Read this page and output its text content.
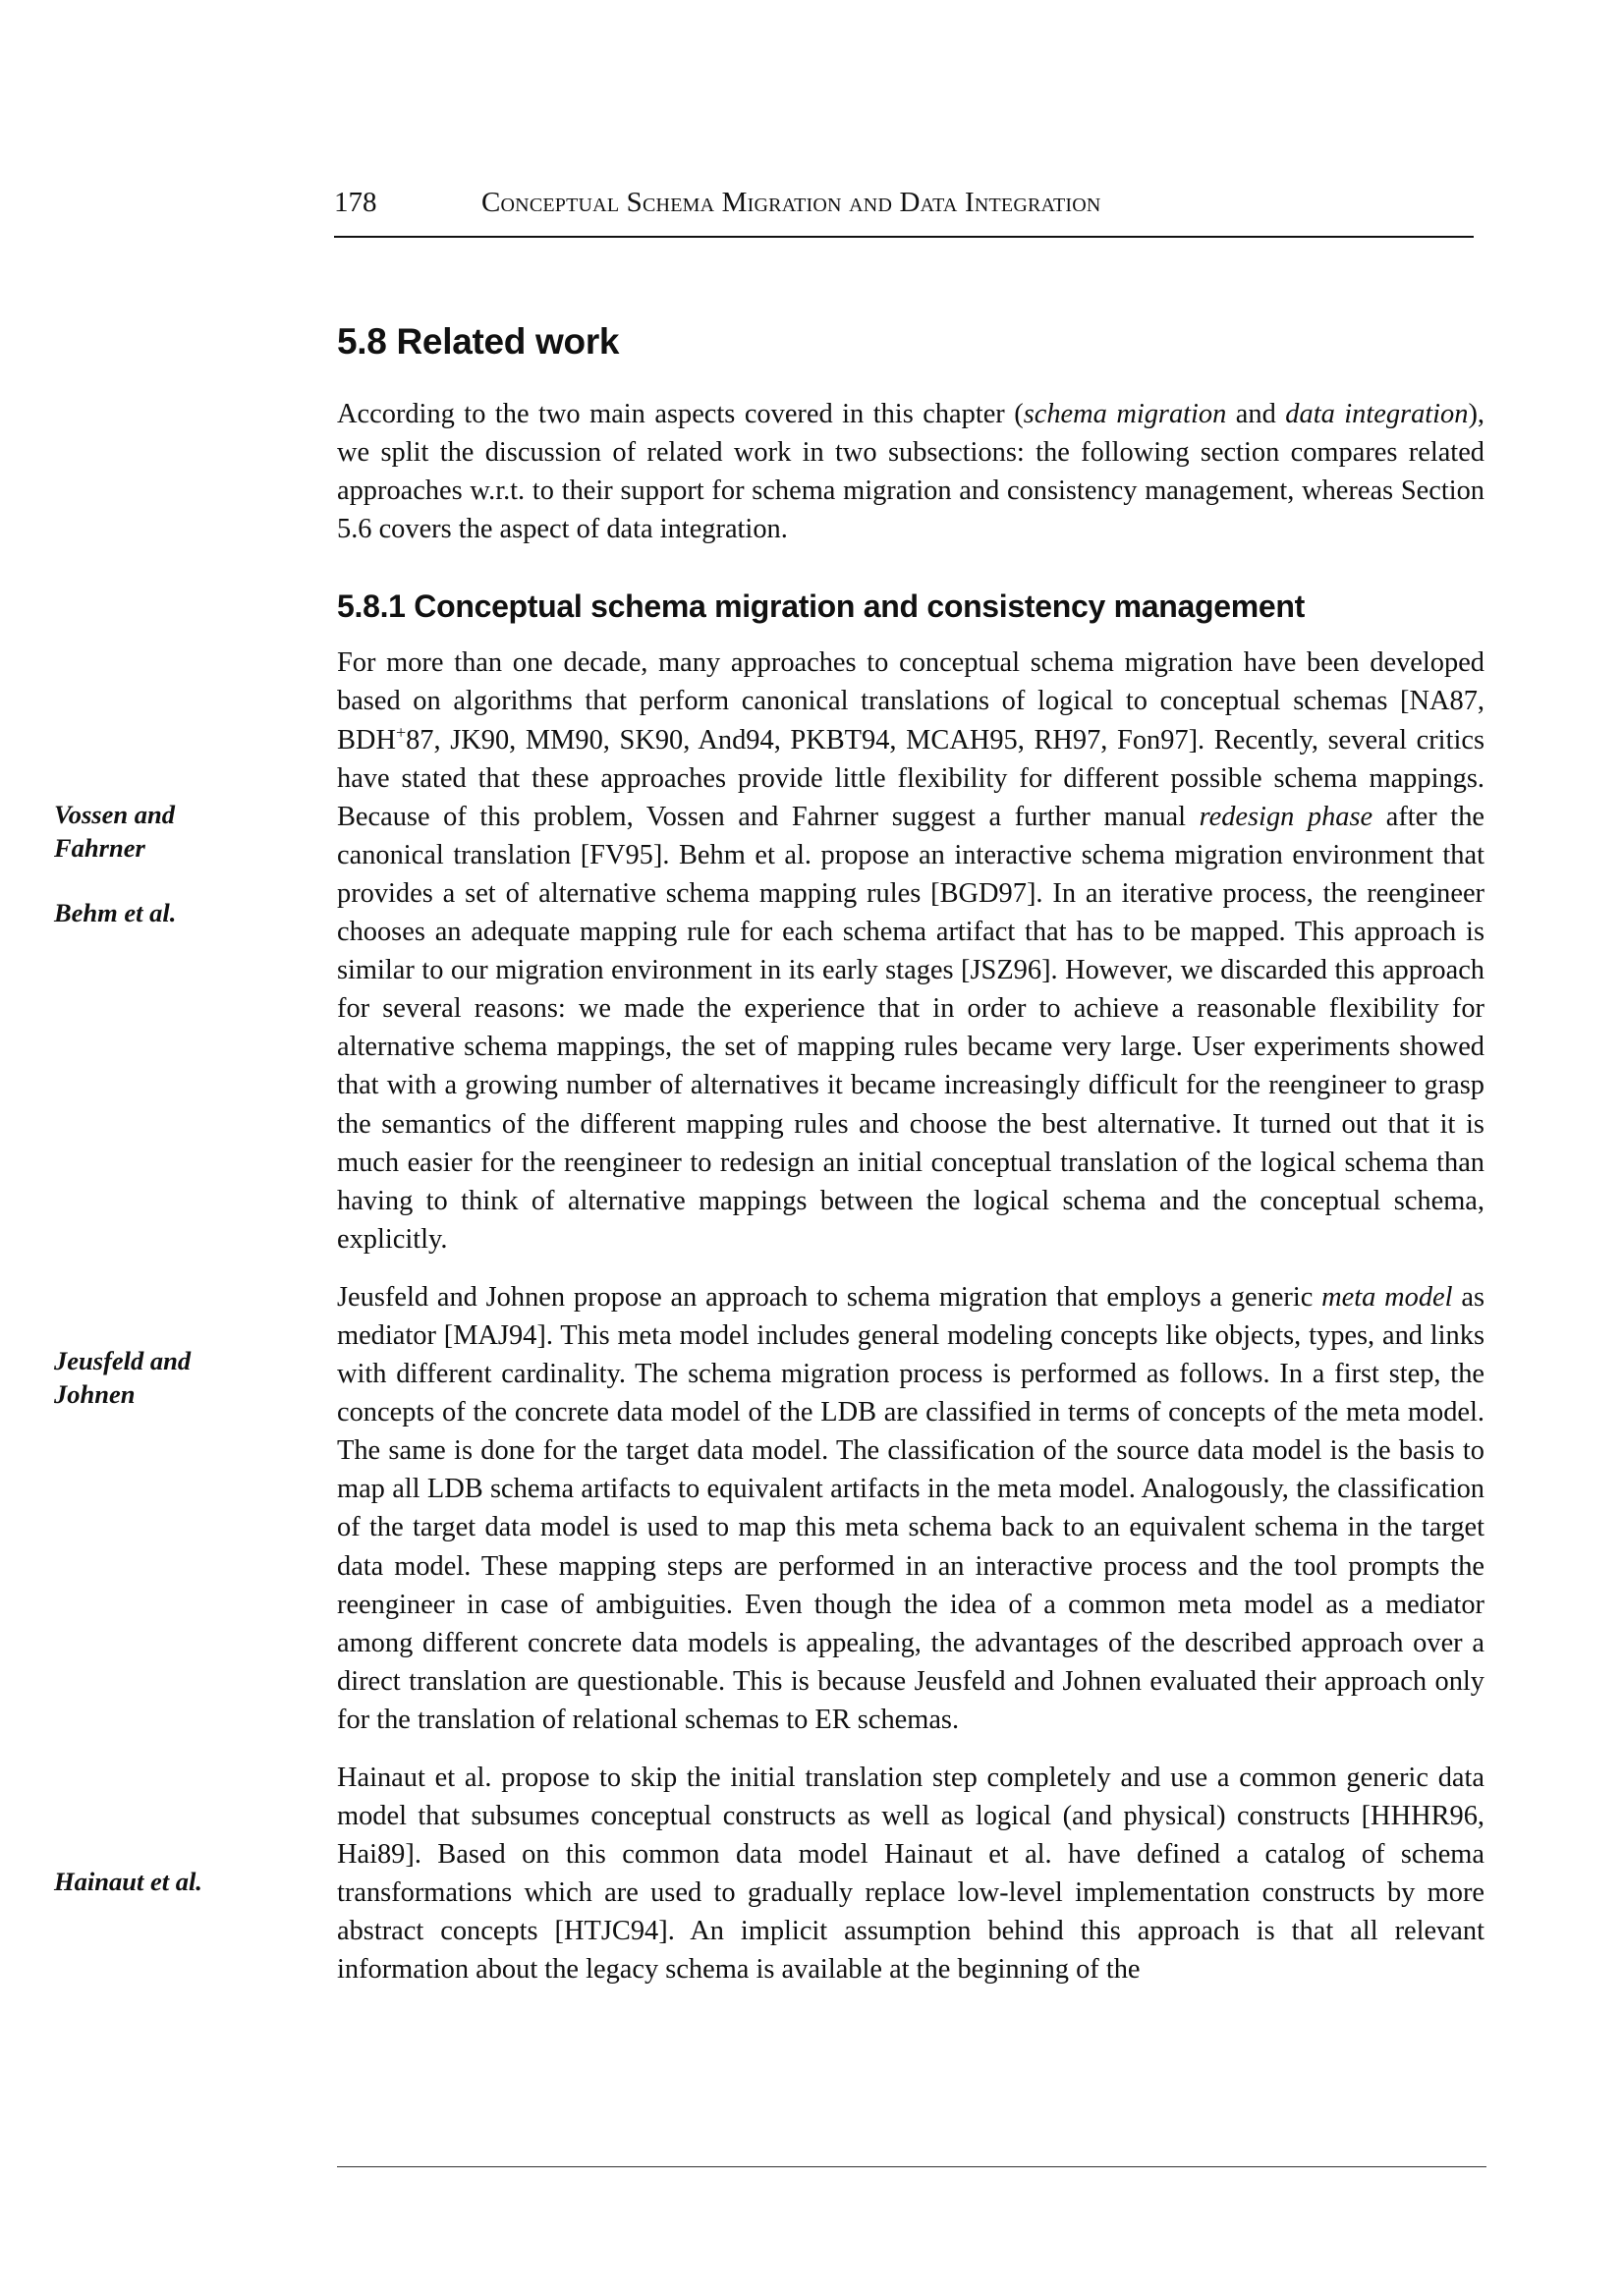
178	Conceptual Schema Migration and Data Integration
Vossen and Fahrner
Behm et al.
Jeusfeld and Johnen
Hainaut et al.
5.8 Related work

According to the two main aspects covered in this chapter (schema migration and data integration), we split the discussion of related work in two subsections: the following section compares related approaches w.r.t. to their support for schema migration and consistency management, whereas Section 5.6 covers the aspect of data integration.

5.8.1 Conceptual schema migration and consistency management

For more than one decade, many approaches to conceptual schema migration have been developed based on algorithms that perform canonical translations of logical to conceptual schemas [NA87, BDH+87, JK90, MM90, SK90, And94, PKBT94, MCAH95, RH97, Fon97]. Recently, several critics have stated that these approaches provide little flexibility for different possible schema mappings. Because of this problem, Vossen and Fahrner suggest a further manual redesign phase after the canonical translation [FV95]. Behm et al. propose an interactive schema migration environment that provides a set of alternative schema mapping rules [BGD97]. In an iterative process, the reengineer chooses an adequate mapping rule for each schema artifact that has to be mapped. This approach is similar to our migration environment in its early stages [JSZ96]. However, we discarded this approach for several reasons: we made the experience that in order to achieve a reasonable flexibility for alternative schema mappings, the set of mapping rules became very large. User experiments showed that with a growing number of alternatives it became increasingly difficult for the reengineer to grasp the semantics of the different mapping rules and choose the best alternative. It turned out that it is much easier for the reengineer to redesign an initial conceptual translation of the logical schema than having to think of alternative mappings between the logical schema and the conceptual schema, explicitly.

Jeusfeld and Johnen propose an approach to schema migration that employs a generic meta model as mediator [MAJ94]. This meta model includes general modeling concepts like objects, types, and links with different cardinality. The schema migration process is performed as follows. In a first step, the concepts of the concrete data model of the LDB are classified in terms of concepts of the meta model. The same is done for the target data model. The classification of the source data model is the basis to map all LDB schema artifacts to equivalent artifacts in the meta model. Analogously, the classification of the target data model is used to map this meta schema back to an equivalent schema in the target data model. These mapping steps are performed in an interactive process and the tool prompts the reengineer in case of ambiguities. Even though the idea of a common meta model as a mediator among different concrete data models is appealing, the advantages of the described approach over a direct translation are questionable. This is because Jeusfeld and Johnen evaluated their approach only for the translation of relational schemas to ER schemas.

Hainaut et al. propose to skip the initial translation step completely and use a common generic data model that subsumes conceptual constructs as well as logical (and physical) constructs [HHHR96, Hai89]. Based on this common data model Hainaut et al. have defined a catalog of schema transformations which are used to gradually replace low-level implementation constructs by more abstract concepts [HTJC94]. An implicit assumption behind this approach is that all relevant information about the legacy schema is available at the beginning of the
